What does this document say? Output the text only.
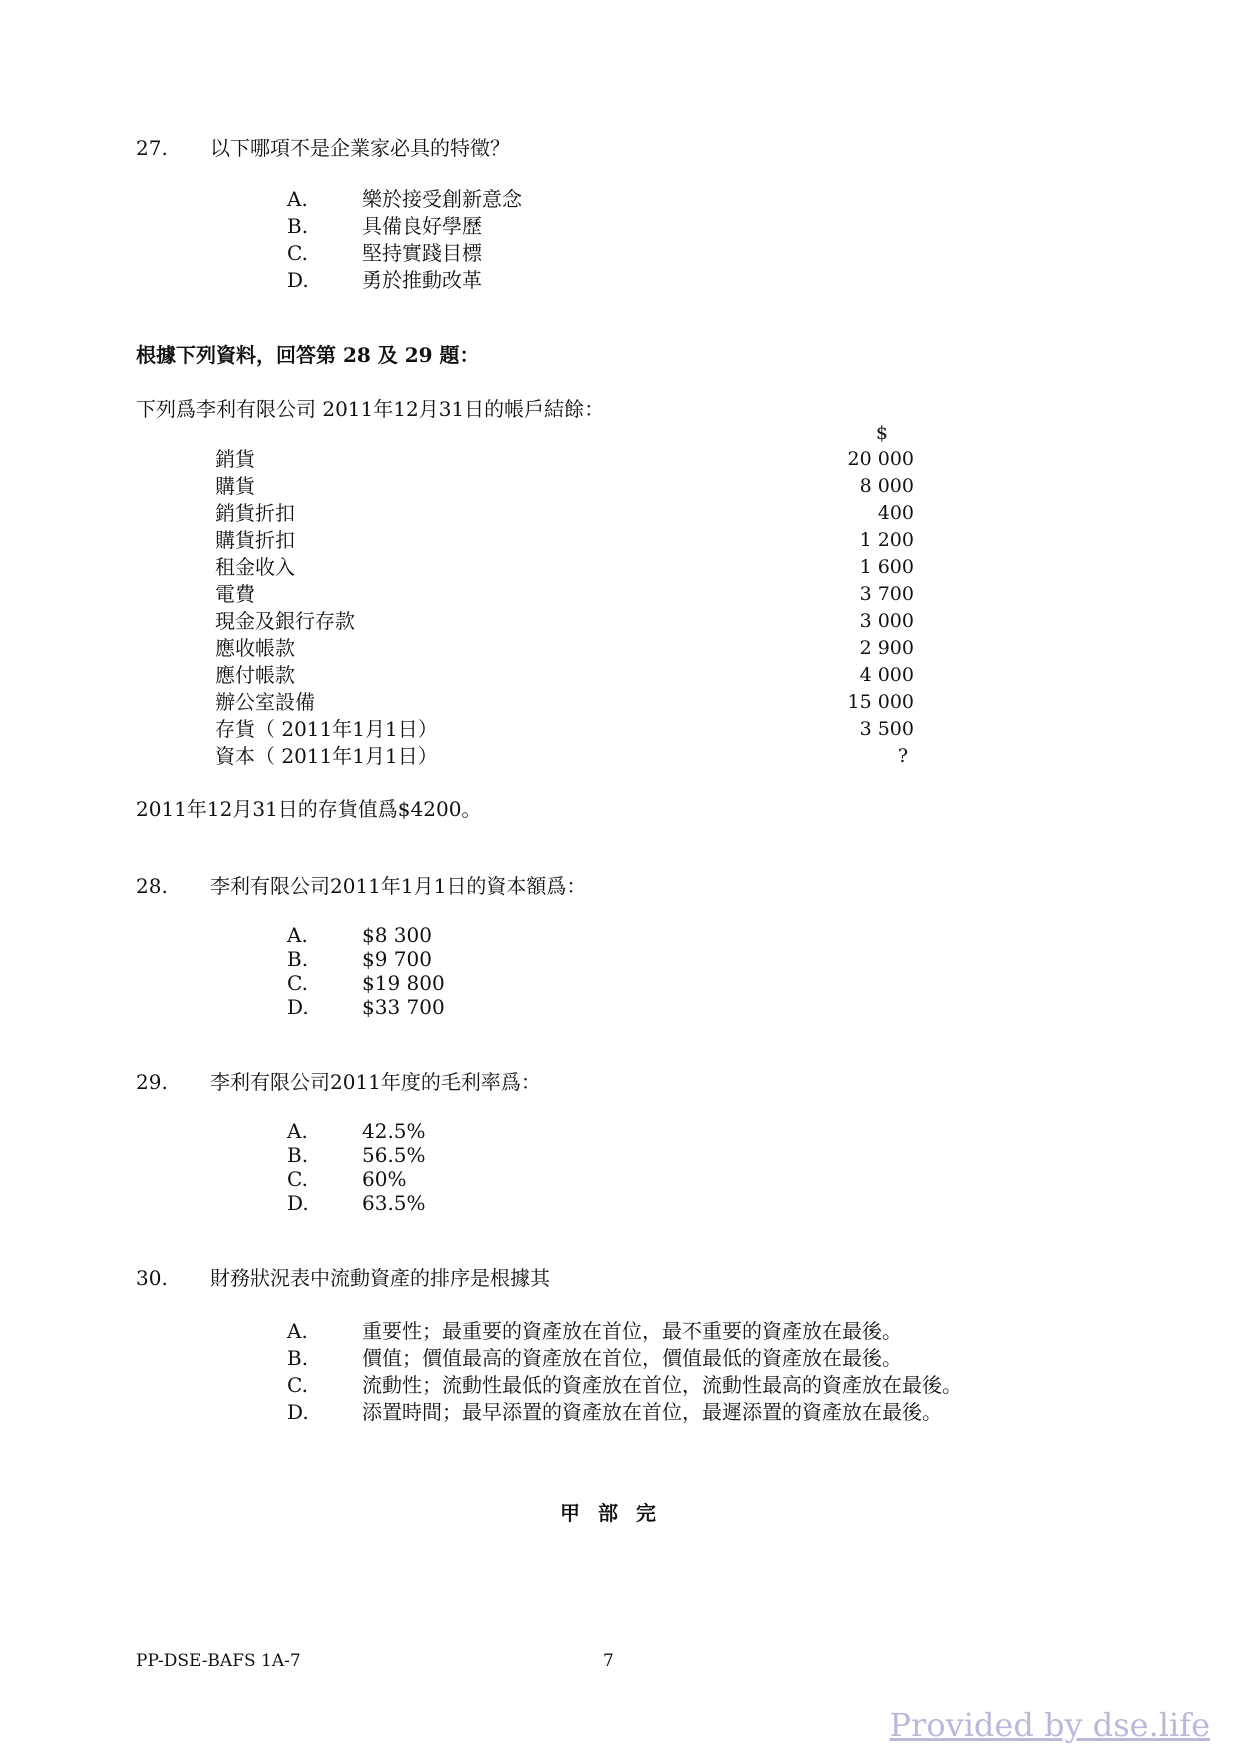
27. 以下哪項不是企業家必具的特徵？
A.	樂於接受創新意念
B.	具備良好學歷
C.	堅持實踐目標
D.	勇於推動改革
根據下列資料，回答第 28 及 29 題：
下列爲李利有限公司 2011年12月31日的帳戶結餘：
$
銷貨	20 000
購貨	8 000
銷貨折扣	400
購貨折扣	1 200
租金收入	1 600
電費	3 700
現金及銀行存款	3 000
應收帳款	2 900
應付帳款	4 000
辦公室設備	15 000
存貨（ 2011年1月1日）	3 500
資本（ 2011年1月1日）	?
2011年12月31日的存貨值爲$4200。
28. 李利有限公司2011年1月1日的資本額爲：
A.	$8 300
B.	$9 700
C.	$19 800
D.	$33 700
29. 李利有限公司2011年度的毛利率爲：
A.	42.5%
B.	56.5%
C.	60%
D.	63.5%
30. 財務狀況表中流動資產的排序是根據其
A.	重要性；最重要的資產放在首位，最不重要的資產放在最後。
B.	價值；價值最高的資產放在首位，價值最低的資產放在最後。
C.	流動性；流動性最低的資產放在首位，流動性最高的資產放在最後。
D.	添置時間；最早添置的資產放在首位，最遲添置的資產放在最後。
甲部完
PP-DSE-BAFS 1A-7	7
Provided by dse.life
